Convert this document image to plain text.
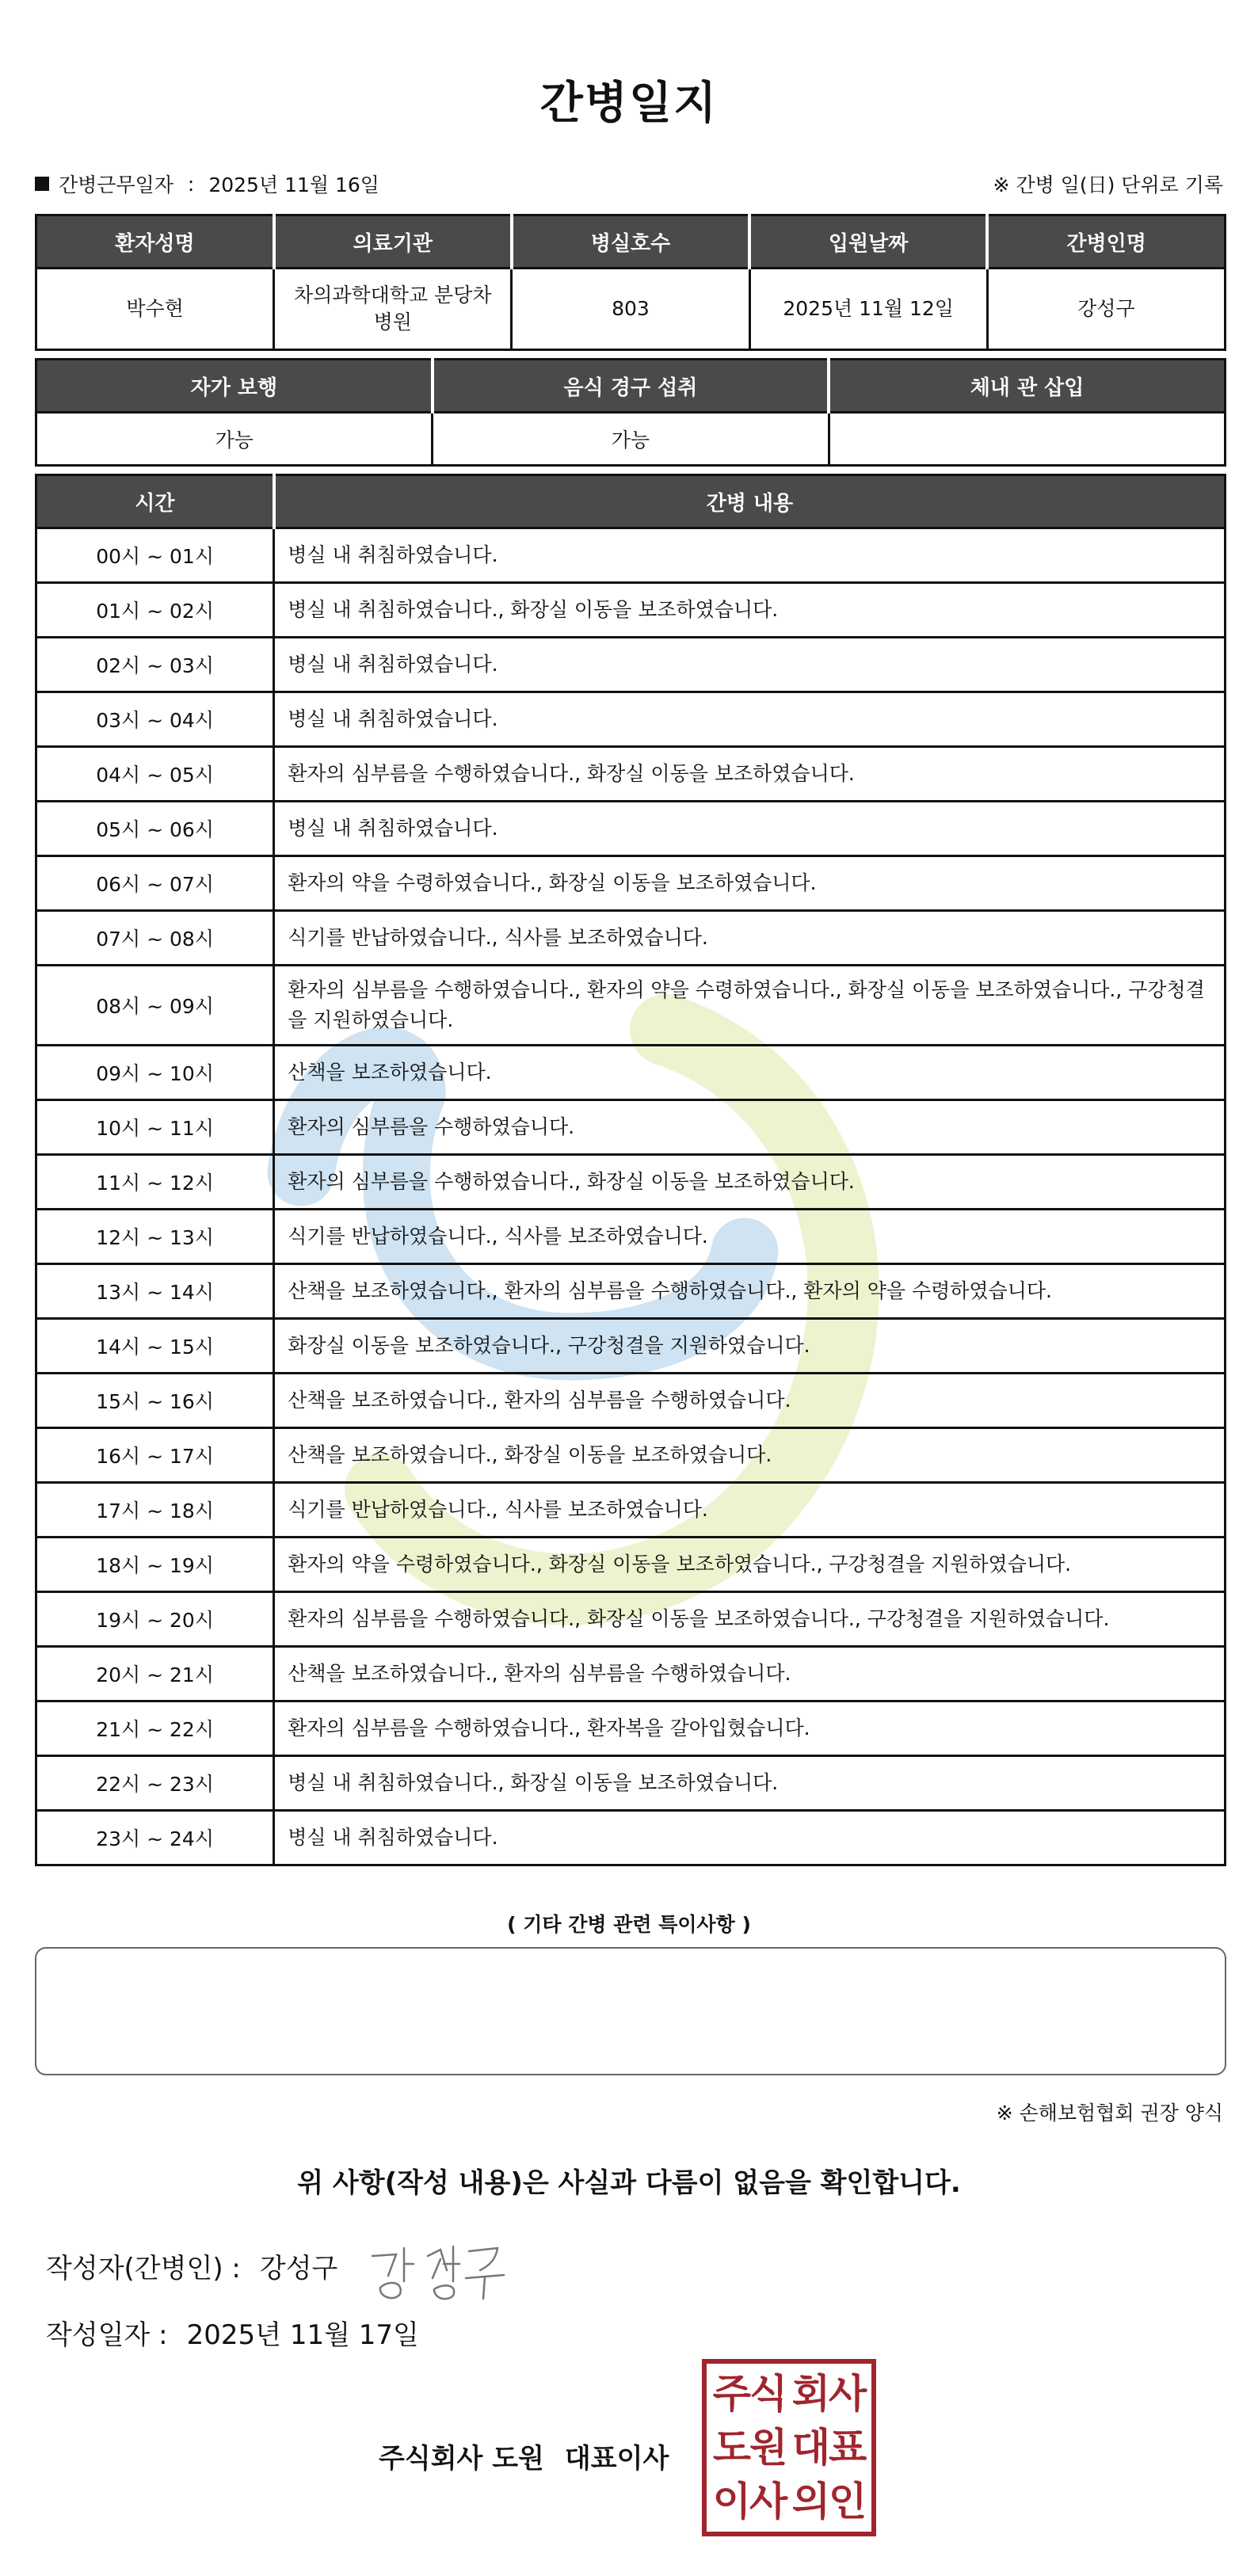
간병일지
간병근무일자 : 2025년 11월 16일	※ 간병 일(日) 단위로 기록
환자성명	의료기관	병실호수	입원날짜	간병인명
박수현	차의과학대학교 분당차병원	803	2025년 11월 12일	강성구
자가 보행	음식 경구 섭취	체내 관 삽입
가능	가능	
시간	간병 내용
00시 ~ 01시	병실 내 취침하였습니다.
01시 ~ 02시	병실 내 취침하였습니다., 화장실 이동을 보조하였습니다.
02시 ~ 03시	병실 내 취침하였습니다.
03시 ~ 04시	병실 내 취침하였습니다.
04시 ~ 05시	환자의 심부름을 수행하였습니다., 화장실 이동을 보조하였습니다.
05시 ~ 06시	병실 내 취침하였습니다.
06시 ~ 07시	환자의 약을 수령하였습니다., 화장실 이동을 보조하였습니다.
07시 ~ 08시	식기를 반납하였습니다., 식사를 보조하였습니다.
08시 ~ 09시	환자의 심부름을 수행하였습니다., 환자의 약을 수령하였습니다., 화장실 이동을 보조하였습니다., 구강청결을 지원하였습니다.
09시 ~ 10시	산책을 보조하였습니다.
10시 ~ 11시	환자의 심부름을 수행하였습니다.
11시 ~ 12시	환자의 심부름을 수행하였습니다., 화장실 이동을 보조하였습니다.
12시 ~ 13시	식기를 반납하였습니다., 식사를 보조하였습니다.
13시 ~ 14시	산책을 보조하였습니다., 환자의 심부름을 수행하였습니다., 환자의 약을 수령하였습니다.
14시 ~ 15시	화장실 이동을 보조하였습니다., 구강청결을 지원하였습니다.
15시 ~ 16시	산책을 보조하였습니다., 환자의 심부름을 수행하였습니다.
16시 ~ 17시	산책을 보조하였습니다., 화장실 이동을 보조하였습니다.
17시 ~ 18시	식기를 반납하였습니다., 식사를 보조하였습니다.
18시 ~ 19시	환자의 약을 수령하였습니다., 화장실 이동을 보조하였습니다., 구강청결을 지원하였습니다.
19시 ~ 20시	환자의 심부름을 수행하였습니다., 화장실 이동을 보조하였습니다., 구강청결을 지원하였습니다.
20시 ~ 21시	산책을 보조하였습니다., 환자의 심부름을 수행하였습니다.
21시 ~ 22시	환자의 심부름을 수행하였습니다., 환자복을 갈아입혔습니다.
22시 ~ 23시	병실 내 취침하였습니다., 화장실 이동을 보조하였습니다.
23시 ~ 24시	병실 내 취침하였습니다.
( 기타 간병 관련 특이사항 )
※ 손해보험협회 권장 양식
위 사항(작성 내용)은 사실과 다름이 없음을 확인합니다.
작성자(간병인) : 강성구
작성일자 : 2025년 11월 17일
주식회사 도원 대표이사
주식 회사
도원 대표
이사 의인
